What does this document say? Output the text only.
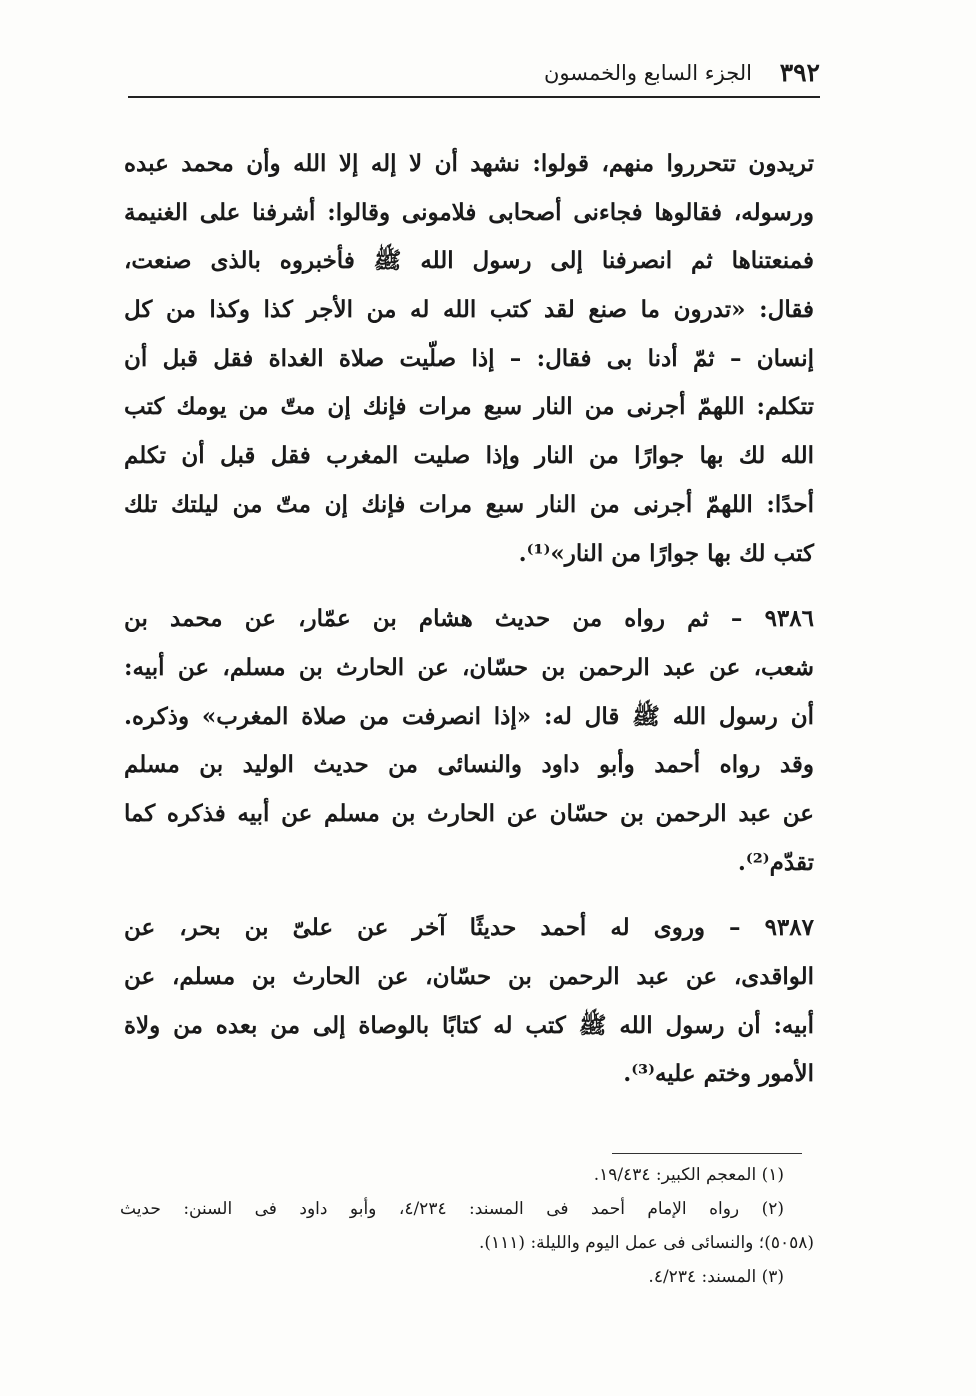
٣٩٢
الجزء السابع والخمسون
تريدون تتحرروا منهم، قولوا: نشهد أن لا إله إلا الله وأن محمد عبده
ورسوله، فقالوها فجاءنى أصحابى فلامونى وقالوا: أشرفنا على الغنيمة
فمنعتناها ثم انصرفنا إلى رسول الله ﷺ فأخبروه بالذى صنعت،
فقال: «تدرون ما صنع لقد كتب الله له من الأجر كذا وكذا من كل
إنسان – ثمّ أدنا بى فقال: – إذا صلّيت صلاة الغداة فقل قبل أن
تتكلم: اللهمّ أجرنى من النار سبع مرات فإنك إن متّ من يومك كتب
الله لك بها جوارًا من النار وإذا صليت المغرب فقل قبل أن تكلم
أحدًا: اللهمّ أجرنى من النار سبع مرات فإنك إن متّ من ليلتك تلك
كتب لك بها جوارًا من النار»⁽¹⁾.
٩٣٨٦ – ثم رواه من حديث هشام بن عمّار، عن محمد بن
شعب، عن عبد الرحمن بن حسّان، عن الحارث بن مسلم، عن أبيه:
أن رسول الله ﷺ قال له: «إذا انصرفت من صلاة المغرب» وذكره.
وقد رواه أحمد وأبو داود والنسائى من حديث الوليد بن مسلم
عن عبد الرحمن بن حسّان عن الحارث بن مسلم عن أبيه فذكره كما
تقدّم⁽²⁾.
٩٣٨٧ – وروى له أحمد حديثًا آخر عن علىّ بن بحر، عن
الواقدى، عن عبد الرحمن بن حسّان، عن الحارث بن مسلم، عن
أبيه: أن رسول الله ﷺ كتب له كتابًا بالوصاة إلى من بعده من ولاة
الأمور وختم عليه⁽³⁾.
(١) المعجم الكبير: ١٩/٤٣٤.
(٢) رواه الإمام أحمد فى المسند: ٤/٢٣٤، وأبو داود فى السنن: حديث
(٥٠٥٨)؛ والنسائى فى عمل اليوم والليلة: (١١١).
(٣) المسند: ٤/٢٣٤.
